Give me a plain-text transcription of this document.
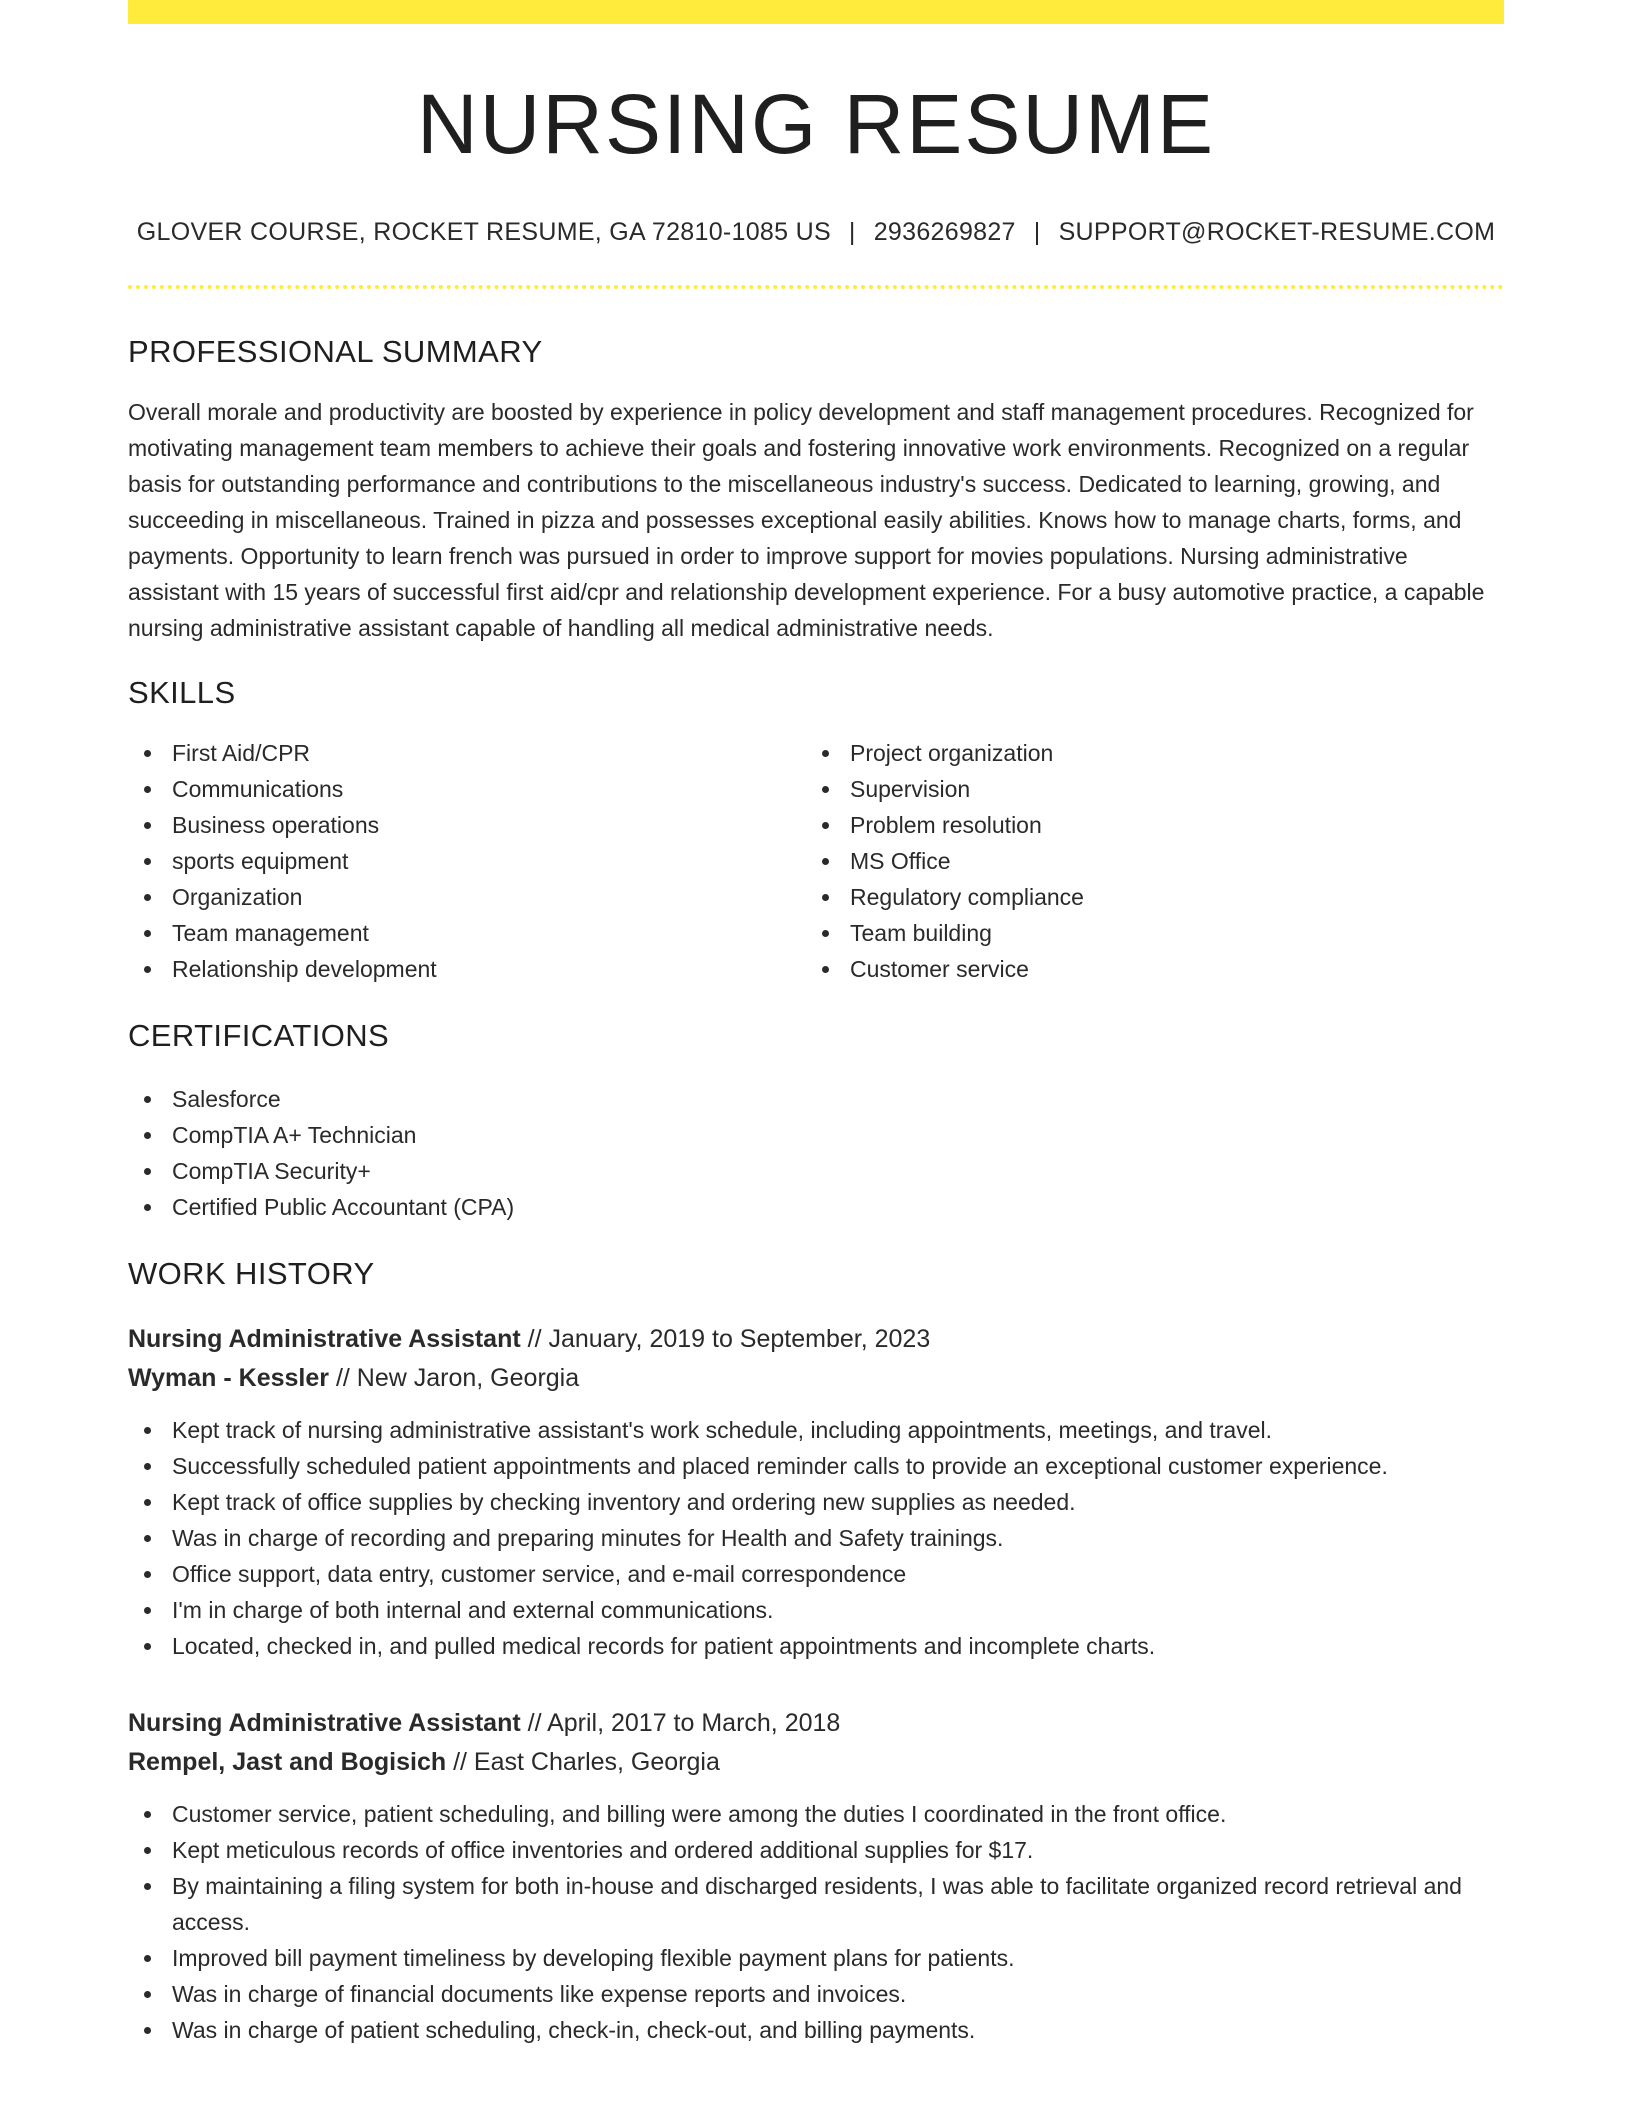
NURSING RESUME
GLOVER COURSE, ROCKET RESUME, GA 72810-1085 US | 2936269827 | SUPPORT@ROCKET-RESUME.COM
PROFESSIONAL SUMMARY

Overall morale and productivity are boosted by experience in policy development and staff management procedures. Recognized for motivating management team members to achieve their goals and fostering innovative work environments. Recognized on a regular basis for outstanding performance and contributions to the miscellaneous industry's success. Dedicated to learning, growing, and succeeding in miscellaneous. Trained in pizza and possesses exceptional easily abilities. Knows how to manage charts, forms, and payments. Opportunity to learn french was pursued in order to improve support for movies populations. Nursing administrative assistant with 15 years of successful first aid/cpr and relationship development experience. For a busy automotive practice, a capable nursing administrative assistant capable of handling all medical administrative needs.

SKILLS
First Aid/CPR
Communications
Business operations
sports equipment
Organization
Team management
Relationship development
Project organization
Supervision
Problem resolution
MS Office
Regulatory compliance
Team building
Customer service
CERTIFICATIONS
Salesforce
CompTIA A+ Technician
CompTIA Security+
Certified Public Accountant (CPA)
WORK HISTORY
Nursing Administrative Assistant // January, 2019 to September, 2023
Wyman - Kessler // New Jaron, Georgia
Kept track of nursing administrative assistant's work schedule, including appointments, meetings, and travel.
Successfully scheduled patient appointments and placed reminder calls to provide an exceptional customer experience.
Kept track of office supplies by checking inventory and ordering new supplies as needed.
Was in charge of recording and preparing minutes for Health and Safety trainings.
Office support, data entry, customer service, and e-mail correspondence
I'm in charge of both internal and external communications.
Located, checked in, and pulled medical records for patient appointments and incomplete charts.
Nursing Administrative Assistant // April, 2017 to March, 2018
Rempel, Jast and Bogisich // East Charles, Georgia
Customer service, patient scheduling, and billing were among the duties I coordinated in the front office.
Kept meticulous records of office inventories and ordered additional supplies for $17.
By maintaining a filing system for both in-house and discharged residents, I was able to facilitate organized record retrieval and access.
Improved bill payment timeliness by developing flexible payment plans for patients.
Was in charge of financial documents like expense reports and invoices.
Was in charge of patient scheduling, check-in, check-out, and billing payments.
